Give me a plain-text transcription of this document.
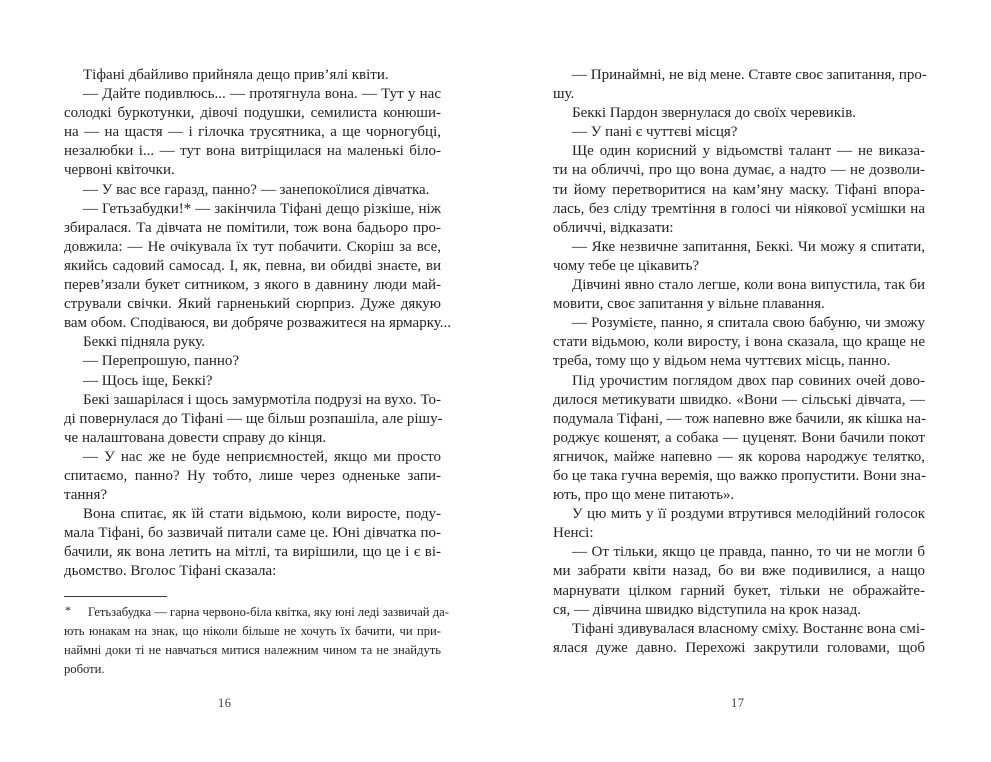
Тіфані дбайливо прийняла дещо прив’ялі квіти.
— Дайте подивлюсь... — протягнула вона. — Тут у нас
солодкі буркотунки, дівочі подушки, семилиста конюши-
на — на щастя — і гілочка трусятника, а ще чорногубці,
незалюбки і... — тут вона витріщилася на маленькі біло-
червоні квіточки.
— У вас все гаразд, панно? — занепокоїлися дівчатка.
— Гетьзабудки!* — закінчила Тіфані дещо різкіше, ніж
збиралася. Та дівчата не помітили, тож вона бадьоро про-
довжила: — Не очікувала їх тут побачити. Скоріш за все,
якийсь садовий самосад. І, як, певна, ви обидві знаєте, ви
перев’язали букет ситником, з якого в давнину люди май-
стрували свічки. Який гарненький сюрприз. Дуже дякую
вам обом. Сподіваюся, ви добряче розважитеся на ярмарку...
Беккі підняла руку.
— Перепрошую, панно?
— Щось іще, Беккі?
Бекі зашарілася і щось замурмотіла подрузі на вухо. То-
ді повернулася до Тіфані — ще більш розпашіла, але рішу-
че налаштована довести справу до кінця.
— У нас же не буде неприємностей, якщо ми просто
спитаємо, панно? Ну тобто, лише через одненьке запи-
тання?
Вона спитає, як їй стати відьмою, коли виросте, поду-
мала Тіфані, бо зазвичай питали саме це. Юні дівчатка по-
бачили, як вона летить на мітлі, та вирішили, що це і є ві-
дьомство. Вголос Тіфані сказала:
* Гетьзабудка — гарна червоно-біла квітка, яку юні леді зазвичай да-
ють юнакам на знак, що ніколи більше не хочуть їх бачити, чи при-
наймні доки ті не навчаться митися належним чином та не знайдуть
роботи.
16
— Принаймні, не від мене. Ставте своє запитання, про-
шу.
Беккі Пардон звернулася до своїх черевиків.
— У пані є чуттєві місця?
Ще один корисний у відьомстві талант — не виказа-
ти на обличчі, про що вона думає, а надто — не дозволи-
ти йому перетворитися на кам’яну маску. Тіфані впора-
лась, без сліду тремтіння в голосі чи ніякової усмішки на
обличчі, відказати:
— Яке незвичне запитання, Беккі. Чи можу я спитати,
чому тебе це цікавить?
Дівчині явно стало легше, коли вона випустила, так би
мовити, своє запитання у вільне плавання.
— Розумієте, панно, я спитала свою бабуню, чи зможу
стати відьмою, коли виросту, і вона сказала, що краще не
треба, тому що у відьом нема чуттєвих місць, панно.
Під урочистим поглядом двох пар совиних очей дово-
дилося метикувати швидко. «Вони — сільські дівчата, —
подумала Тіфані, — тож напевно вже бачили, як кішка на-
роджує кошенят, а собака — цуценят. Вони бачили покот
ягничок, майже напевно — як корова народжує телятко,
бо це така гучна веремія, що важко пропустити. Вони зна-
ють, про що мене питають».
У цю мить у її роздуми втрутився мелодійний голосок
Ненсі:
— От тільки, якщо це правда, панно, то чи не могли б
ми забрати квіти назад, бо ви вже подивилися, а нащо
марнувати цілком гарний букет, тільки не ображайте-
ся, — дівчина швидко відступила на крок назад.
Тіфані здивувалася власному сміху. Востаннє вона смі-
ялася дуже давно. Перехожі закрутили головами, щоб
17
